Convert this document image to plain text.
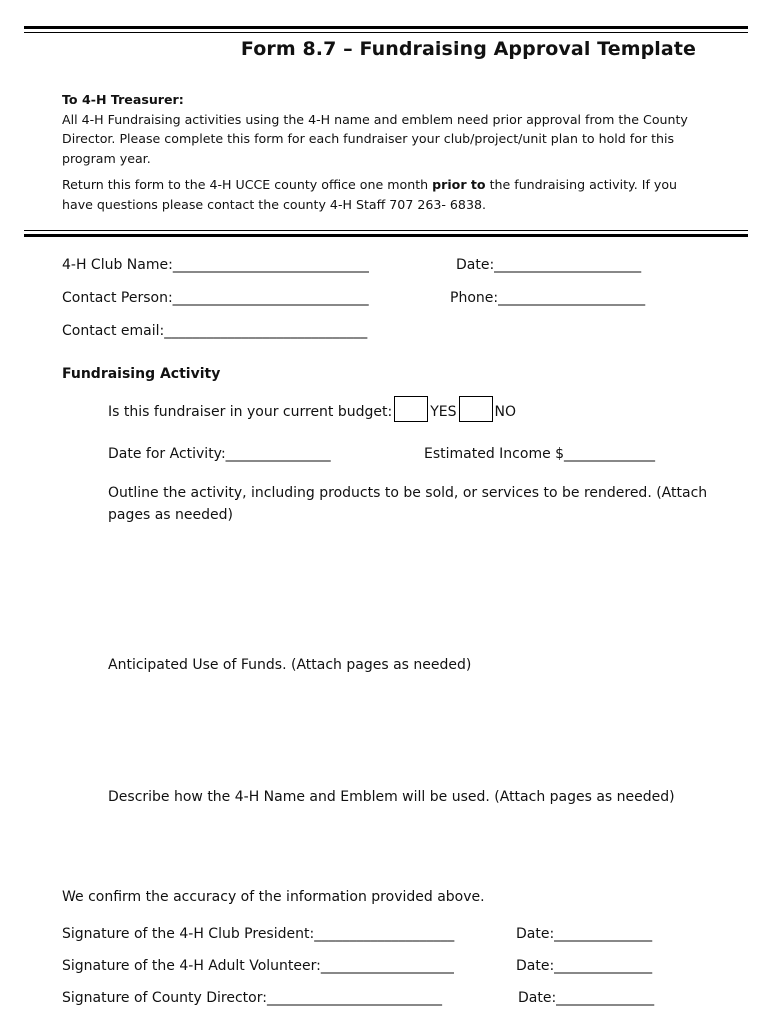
Form 8.7 – Fundraising Approval Template
To 4-H Treasurer:
All 4-H Fundraising activities using the 4-H name and emblem need prior approval from the County Director. Please complete this form for each fundraiser your club/project/unit plan to hold for this program year.
Return this form to the 4-H UCCE county office one month prior to the fundraising activity. If you have questions please contact the county 4-H Staff 707 263- 6838.
4-H Club Name:____________________________	Date:_____________________
Contact Person:____________________________	Phone:_____________________
Contact email:_____________________________
Fundraising Activity
Is this fundraiser in your current budget:	YES	NO
Date for Activity:_______________	Estimated Income $_____________
Outline the activity, including products to be sold, or services to be rendered. (Attach pages as needed)
Anticipated Use of Funds. (Attach pages as needed)
Describe how the 4-H Name and Emblem will be used. (Attach pages as needed)
We confirm the accuracy of the information provided above.
Signature of the 4-H Club President:____________________	Date:______________
Signature of the 4-H Adult Volunteer:___________________	Date:______________
Signature of County Director:_________________________	Date:______________
